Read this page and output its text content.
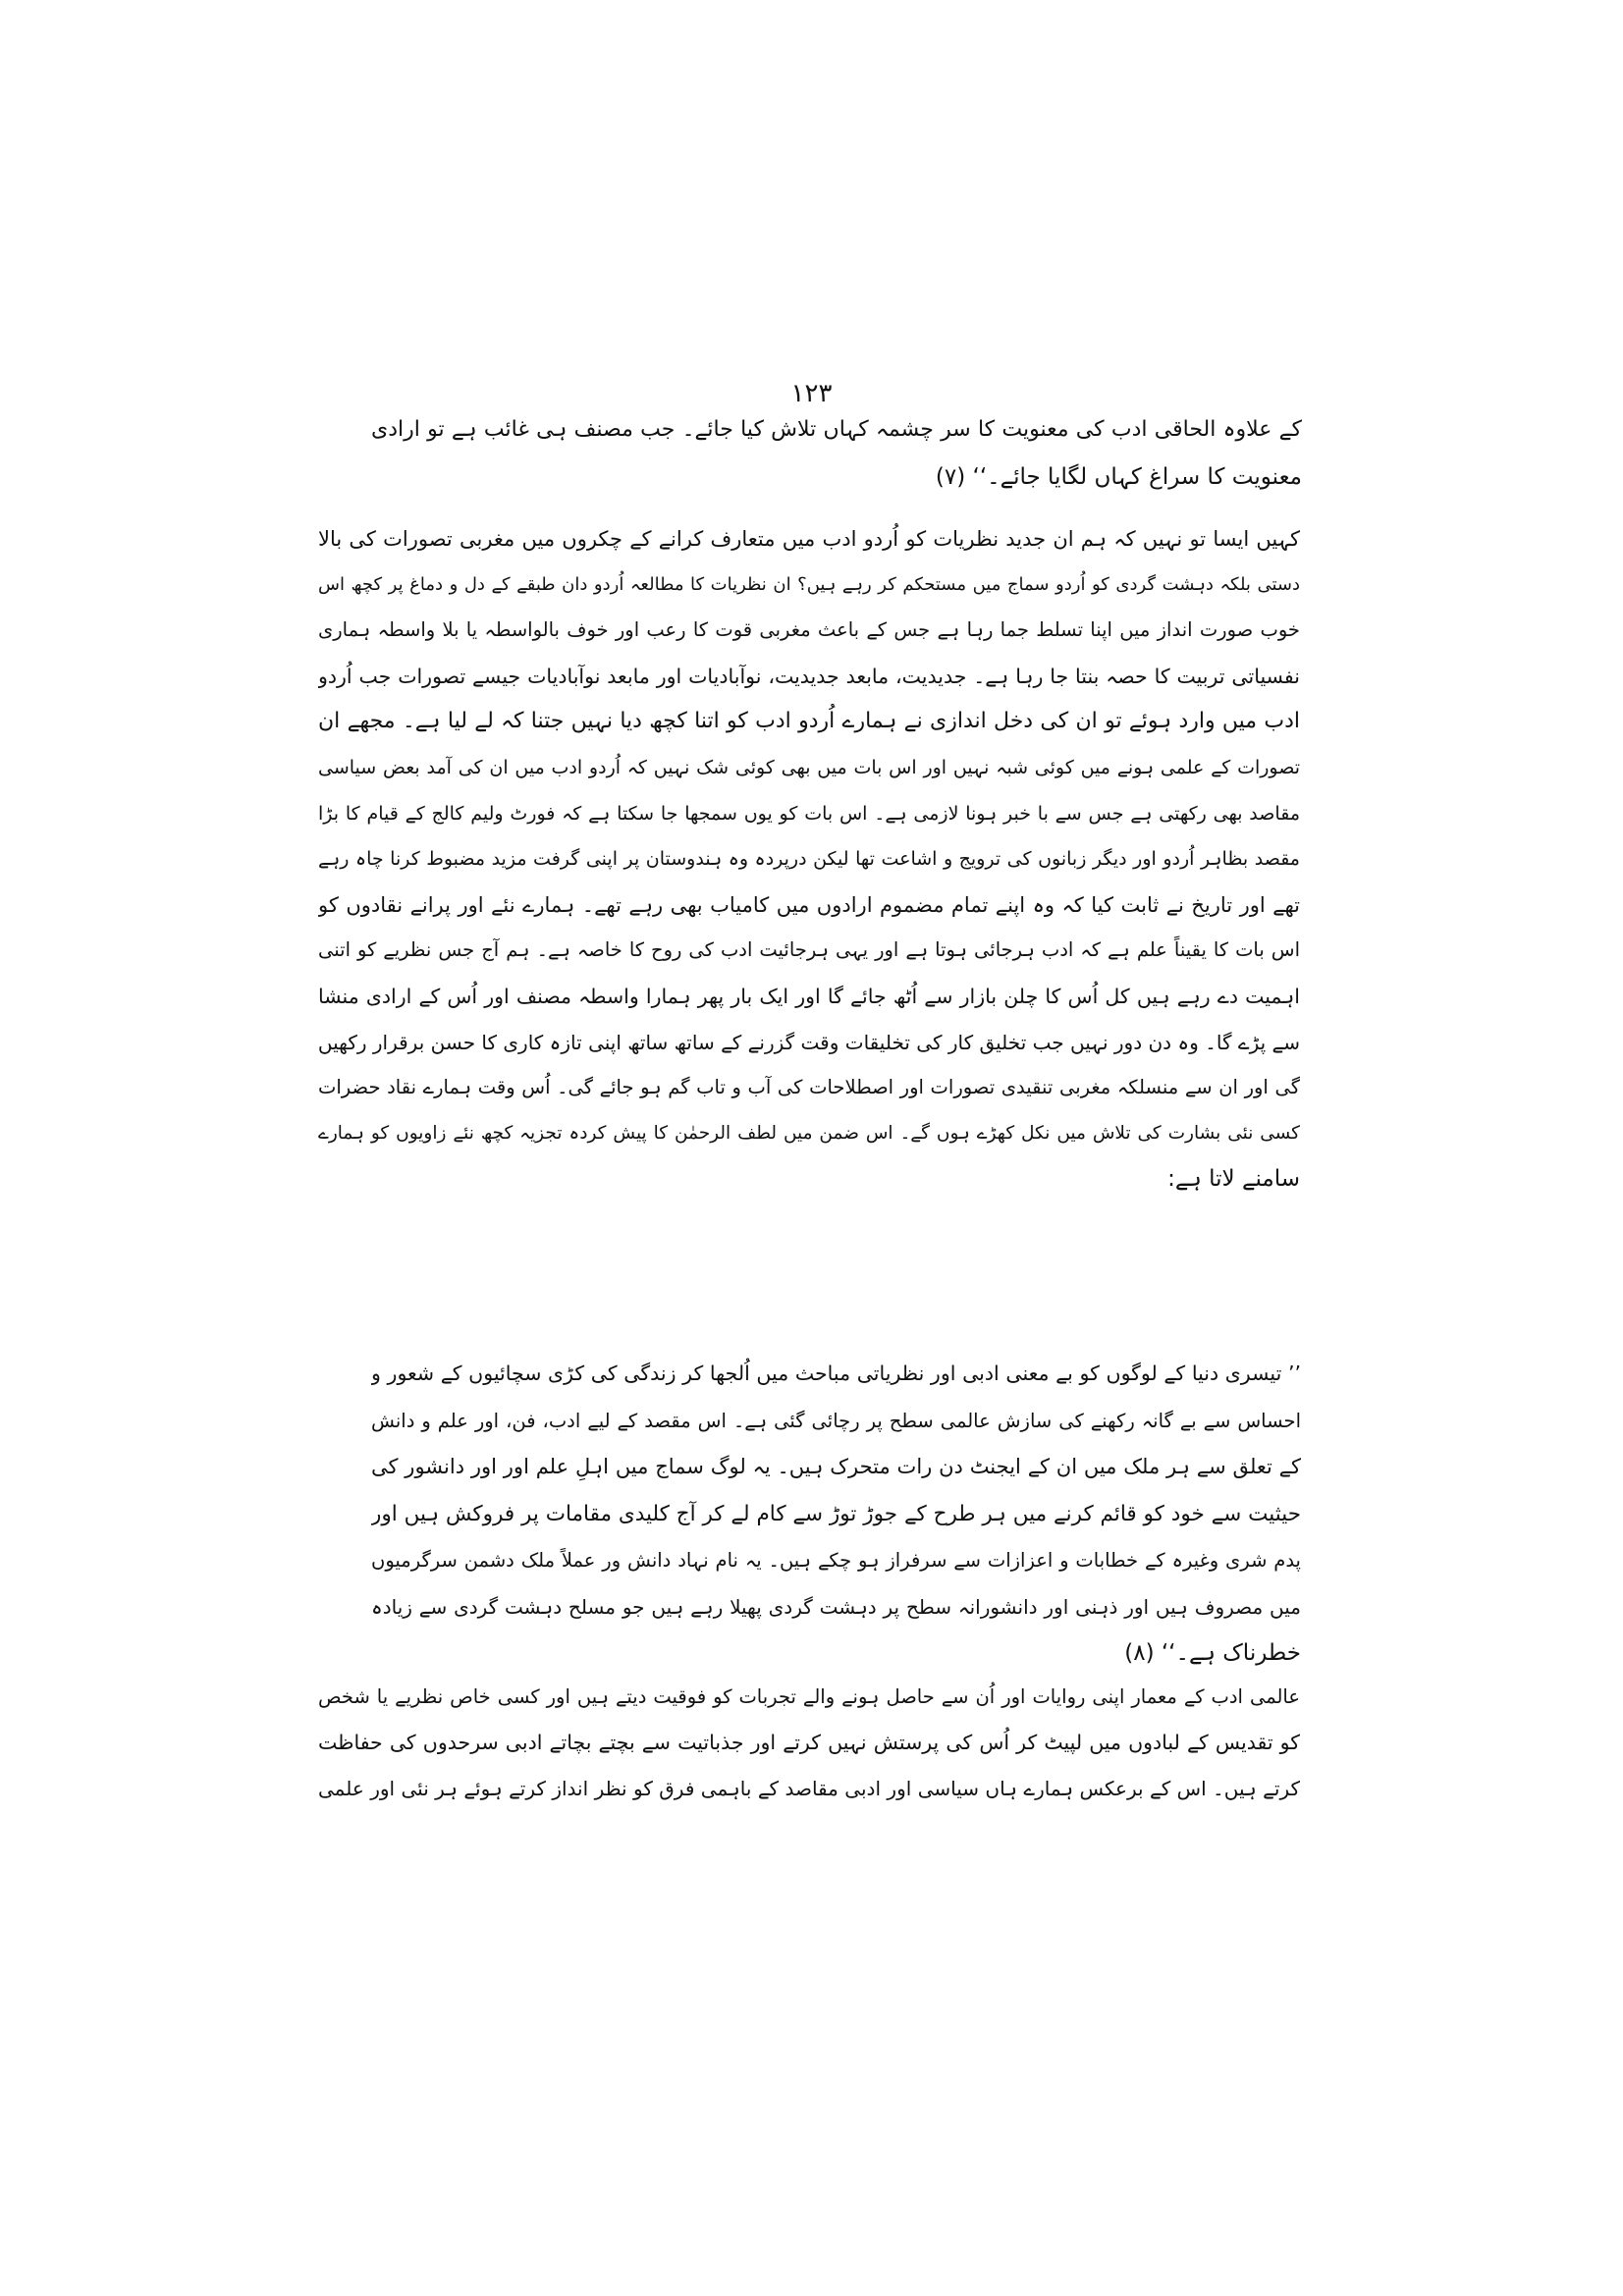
۱۲۳
کے علاوہ الحاقی ادب کی معنویت کا سر چشمہ کہاں تلاش کیا جائے۔ جب مصنف ہی غائب ہے تو ارادی
معنویت کا سراغ کہاں لگایا جائے۔‘‘ (۷)
کہیں ایسا تو نہیں کہ ہم ان جدید نظریات کو اُردو ادب میں متعارف کرانے کے چکروں میں مغربی تصورات کی بالا
دستی بلکہ دہشت گردی کو اُردو سماج میں مستحکم کر رہے ہیں؟ ان نظریات کا مطالعہ اُردو دان طبقے کے دل و دماغ پر کچھ اس
خوب صورت انداز میں اپنا تسلط جما رہا ہے جس کے باعث مغربی قوت کا رعب اور خوف بالواسطہ یا بلا واسطہ ہماری
نفسیاتی تربیت کا حصہ بنتا جا رہا ہے۔ جدیدیت، مابعد جدیدیت، نوآبادیات اور مابعد نوآبادیات جیسے تصورات جب اُردو
ادب میں وارد ہوئے تو ان کی دخل اندازی نے ہمارے اُردو ادب کو اتنا کچھ دیا نہیں جتنا کہ لے لیا ہے۔ مجھے ان
تصورات کے علمی ہونے میں کوئی شبہ نہیں اور اس بات میں بھی کوئی شک نہیں کہ اُردو ادب میں ان کی آمد بعض سیاسی
مقاصد بھی رکھتی ہے جس سے با خبر ہونا لازمی ہے۔ اس بات کو یوں سمجھا جا سکتا ہے کہ فورٹ ولیم کالج کے قیام کا بڑا
مقصد بظاہر اُردو اور دیگر زبانوں کی ترویج و اشاعت تھا لیکن درپردہ وہ ہندوستان پر اپنی گرفت مزید مضبوط کرنا چاہ رہے
تھے اور تاریخ نے ثابت کیا کہ وہ اپنے تمام مضموم ارادوں میں کامیاب بھی رہے تھے۔ ہمارے نئے اور پرانے نقادوں کو
اس بات کا یقیناً علم ہے کہ ادب ہرجائی ہوتا ہے اور یہی ہرجائیت ادب کی روح کا خاصہ ہے۔ ہم آج جس نظریے کو اتنی
اہمیت دے رہے ہیں کل اُس کا چلن بازار سے اُٹھ جائے گا اور ایک بار پھر ہمارا واسطہ مصنف اور اُس کے ارادی منشا
سے پڑے گا۔ وہ دن دور نہیں جب تخلیق کار کی تخلیقات وقت گزرنے کے ساتھ ساتھ اپنی تازہ کاری کا حسن برقرار رکھیں
گی اور ان سے منسلکہ مغربی تنقیدی تصورات اور اصطلاحات کی آب و تاب گم ہو جائے گی۔ اُس وقت ہمارے نقاد حضرات
کسی نئی بشارت کی تلاش میں نکل کھڑے ہوں گے۔ اس ضمن میں لطف الرحمٰن کا پیش کردہ تجزیہ کچھ نئے زاویوں کو ہمارے
سامنے لاتا ہے:
’’ تیسری دنیا کے لوگوں کو بے معنی ادبی اور نظریاتی مباحث میں اُلجھا کر زندگی کی کڑی سچائیوں کے شعور و
احساس سے بے گانہ رکھنے کی سازش عالمی سطح پر رچائی گئی ہے۔ اس مقصد کے لیے ادب، فن، اور علم و دانش
کے تعلق سے ہر ملک میں ان کے ایجنٹ دن رات متحرک ہیں۔ یہ لوگ سماج میں اہلِ علم اور اور دانشور کی
حیثیت سے خود کو قائم کرنے میں ہر طرح کے جوڑ توڑ سے کام لے کر آج کلیدی مقامات پر فروکش ہیں اور
پدم شری وغیرہ کے خطابات و اعزازات سے سرفراز ہو چکے ہیں۔ یہ نام نہاد دانش ور عملاً ملک دشمن سرگرمیوں
میں مصروف ہیں اور ذہنی اور دانشورانہ سطح پر دہشت گردی پھیلا رہے ہیں جو مسلح دہشت گردی سے زیادہ
خطرناک ہے۔‘‘ (۸)
عالمی ادب کے معمار اپنی روایات اور اُن سے حاصل ہونے والے تجربات کو فوقیت دیتے ہیں اور کسی خاص نظریے یا شخص
کو تقدیس کے لبادوں میں لپیٹ کر اُس کی پرستش نہیں کرتے اور جذباتیت سے بچتے بچاتے ادبی سرحدوں کی حفاظت
کرتے ہیں۔ اس کے برعکس ہمارے ہاں سیاسی اور ادبی مقاصد کے باہمی فرق کو نظر انداز کرتے ہوئے ہر نئی اور علمی
